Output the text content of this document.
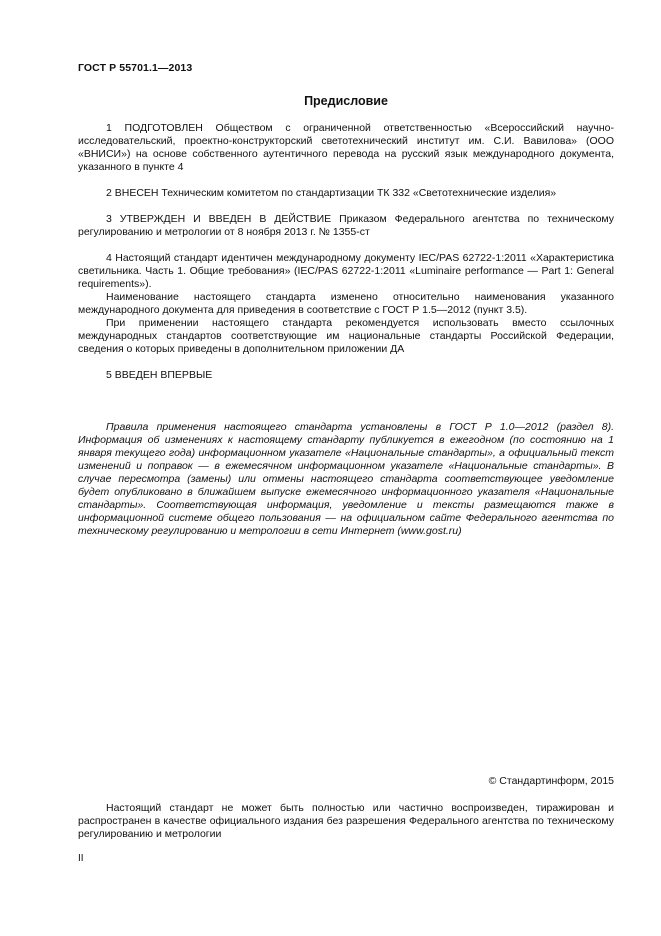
ГОСТ Р 55701.1—2013
Предисловие

1 ПОДГОТОВЛЕН Обществом с ограниченной ответственностью «Всероссийский научно-исследовательский, проектно-конструкторский светотехнический институт им. С.И. Вавилова» (ООО «ВНИСИ») на основе собственного аутентичного перевода на русский язык международного документа, указанного в пункте 4

2 ВНЕСЕН Техническим комитетом по стандартизации ТК 332 «Светотехнические изделия»

3 УТВЕРЖДЕН И ВВЕДЕН В ДЕЙСТВИЕ Приказом Федерального агентства по техническому регулированию и метрологии от 8 ноября 2013 г. № 1355-ст

4 Настоящий стандарт идентичен международному документу IEC/PAS 62722-1:2011 «Характеристика светильника. Часть 1. Общие требования» (IEC/PAS 62722-1:2011 «Luminaire performance — Part 1: General requirements»).

Наименование настоящего стандарта изменено относительно наименования указанного международного документа для приведения в соответствие с ГОСТ Р 1.5—2012 (пункт 3.5).

При применении настоящего стандарта рекомендуется использовать вместо ссылочных международных стандартов соответствующие им национальные стандарты Российской Федерации, сведения о которых приведены в дополнительном приложении ДА

5 ВВЕДЕН ВПЕРВЫЕ

Правила применения настоящего стандарта установлены в ГОСТ Р 1.0—2012 (раздел 8). Информация об изменениях к настоящему стандарту публикуется в ежегодном (по состоянию на 1 января текущего года) информационном указателе «Национальные стандарты», а официальный текст изменений и поправок — в ежемесячном информационном указателе «Национальные стандарты». В случае пересмотра (замены) или отмены настоящего стандарта соответствующее уведомление будет опубликовано в ближайшем выпуске ежемесячного информационного указателя «Национальные стандарты». Соответствующая информация, уведомление и тексты размещаются также в информационной системе общего пользования — на официальном сайте Федерального агентства по техническому регулированию и метрологии в сети Интернет (www.gost.ru)

© Стандартинформ, 2015

Настоящий стандарт не может быть полностью или частично воспроизведен, тиражирован и распространен в качестве официального издания без разрешения Федерального агентства по техническому регулированию и метрологии

II
